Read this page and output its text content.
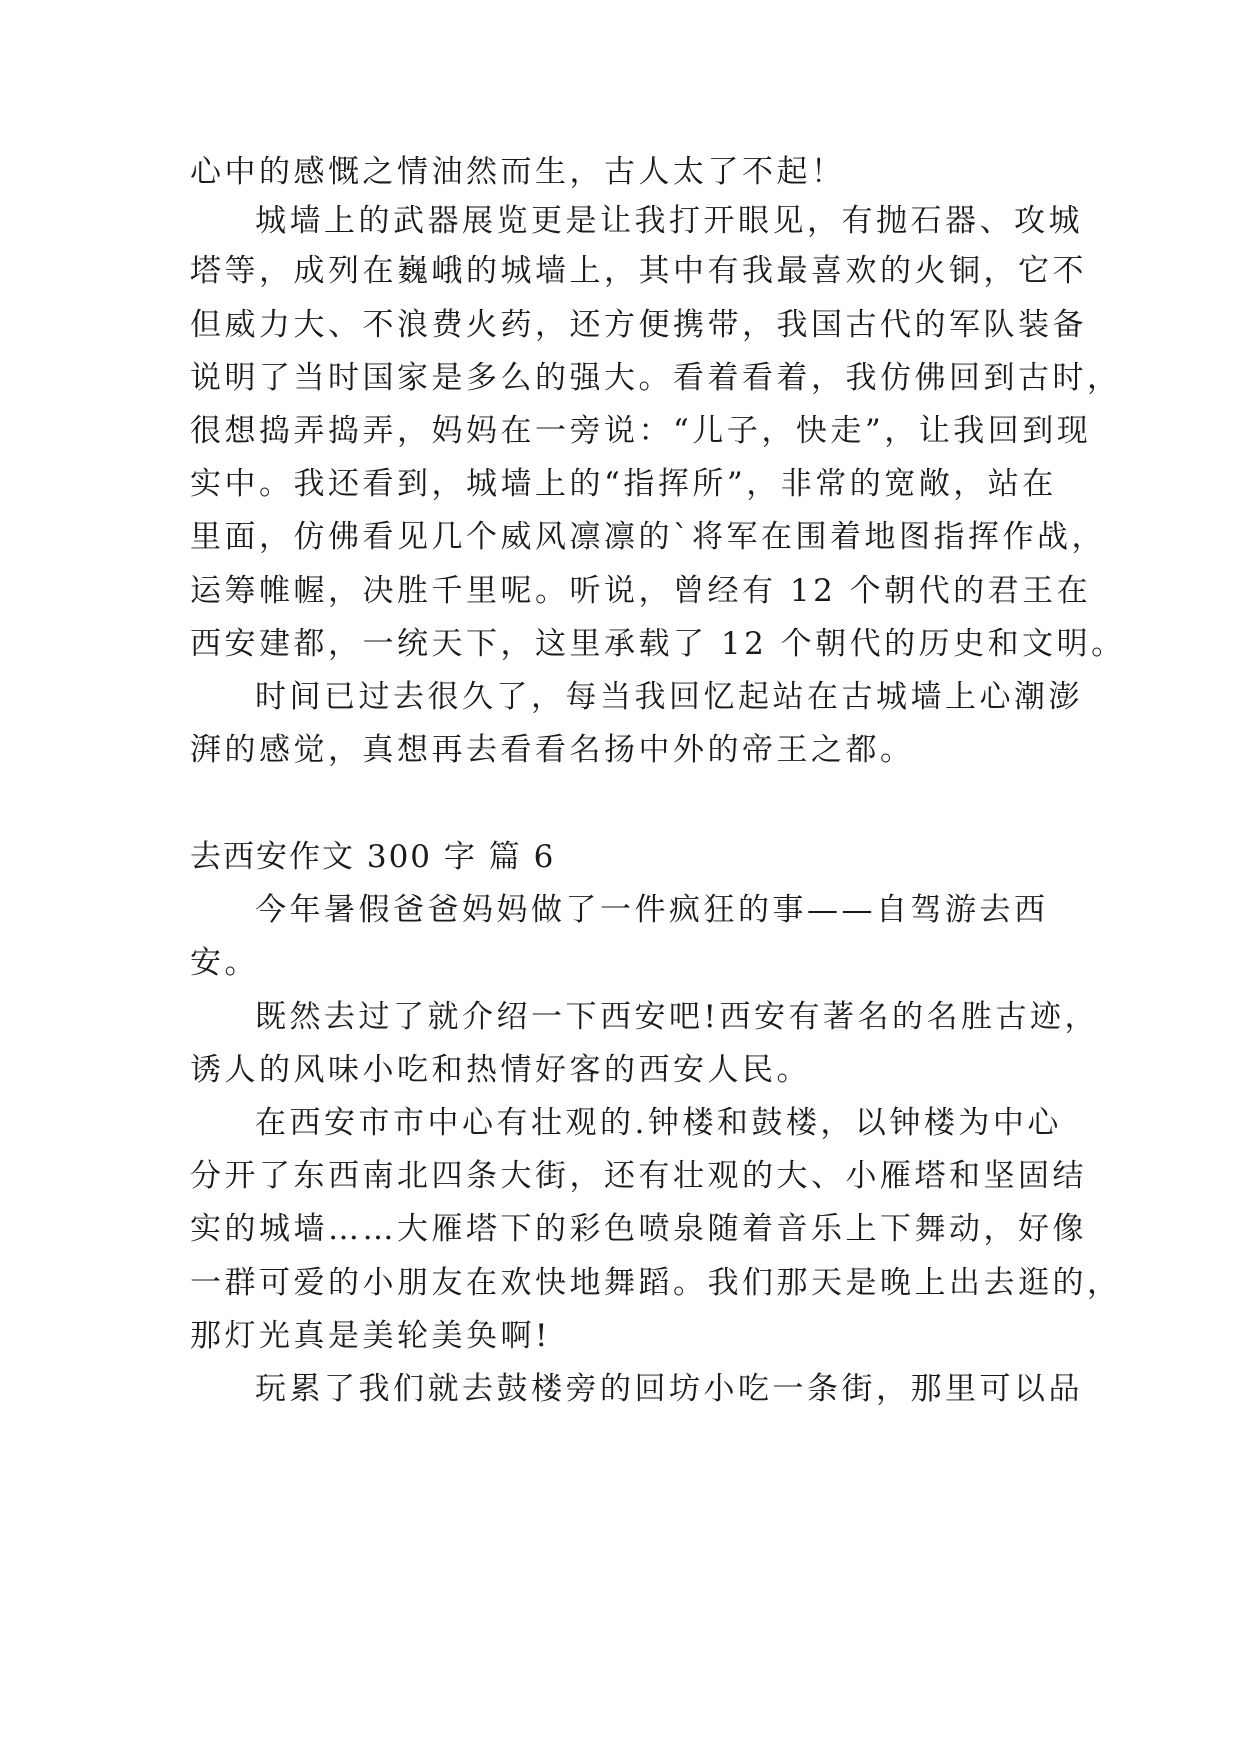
心中的感慨之情油然而生，古人太了不起！
城墙上的武器展览更是让我打开眼见，有抛石器、攻城
塔等，成列在巍峨的城墙上，其中有我最喜欢的火铜，它不
但威力大、不浪费火药，还方便携带，我国古代的军队装备
说明了当时国家是多么的强大。看着看着，我仿佛回到古时，
很想捣弄捣弄，妈妈在一旁说：“儿子，快走”，让我回到现
实中。我还看到，城墙上的“指挥所”，非常的宽敞，站在
里面，仿佛看见几个威风凛凛的`将军在围着地图指挥作战，
运筹帷幄，决胜千里呢。听说，曾经有 12 个朝代的君王在
西安建都，一统天下，这里承载了 12 个朝代的历史和文明。
时间已过去很久了，每当我回忆起站在古城墙上心潮澎
湃的感觉，真想再去看看名扬中外的帝王之都。
去西安作文 300 字 篇 6
今年暑假爸爸妈妈做了一件疯狂的事——自驾游去西
安。
既然去过了就介绍一下西安吧!西安有著名的名胜古迹，
诱人的风味小吃和热情好客的西安人民。
在西安市市中心有壮观的.钟楼和鼓楼，以钟楼为中心
分开了东西南北四条大街，还有壮观的大、小雁塔和坚固结
实的城墙……大雁塔下的彩色喷泉随着音乐上下舞动，好像
一群可爱的小朋友在欢快地舞蹈。我们那天是晚上出去逛的，
那灯光真是美轮美奂啊!
玩累了我们就去鼓楼旁的回坊小吃一条街，那里可以品
